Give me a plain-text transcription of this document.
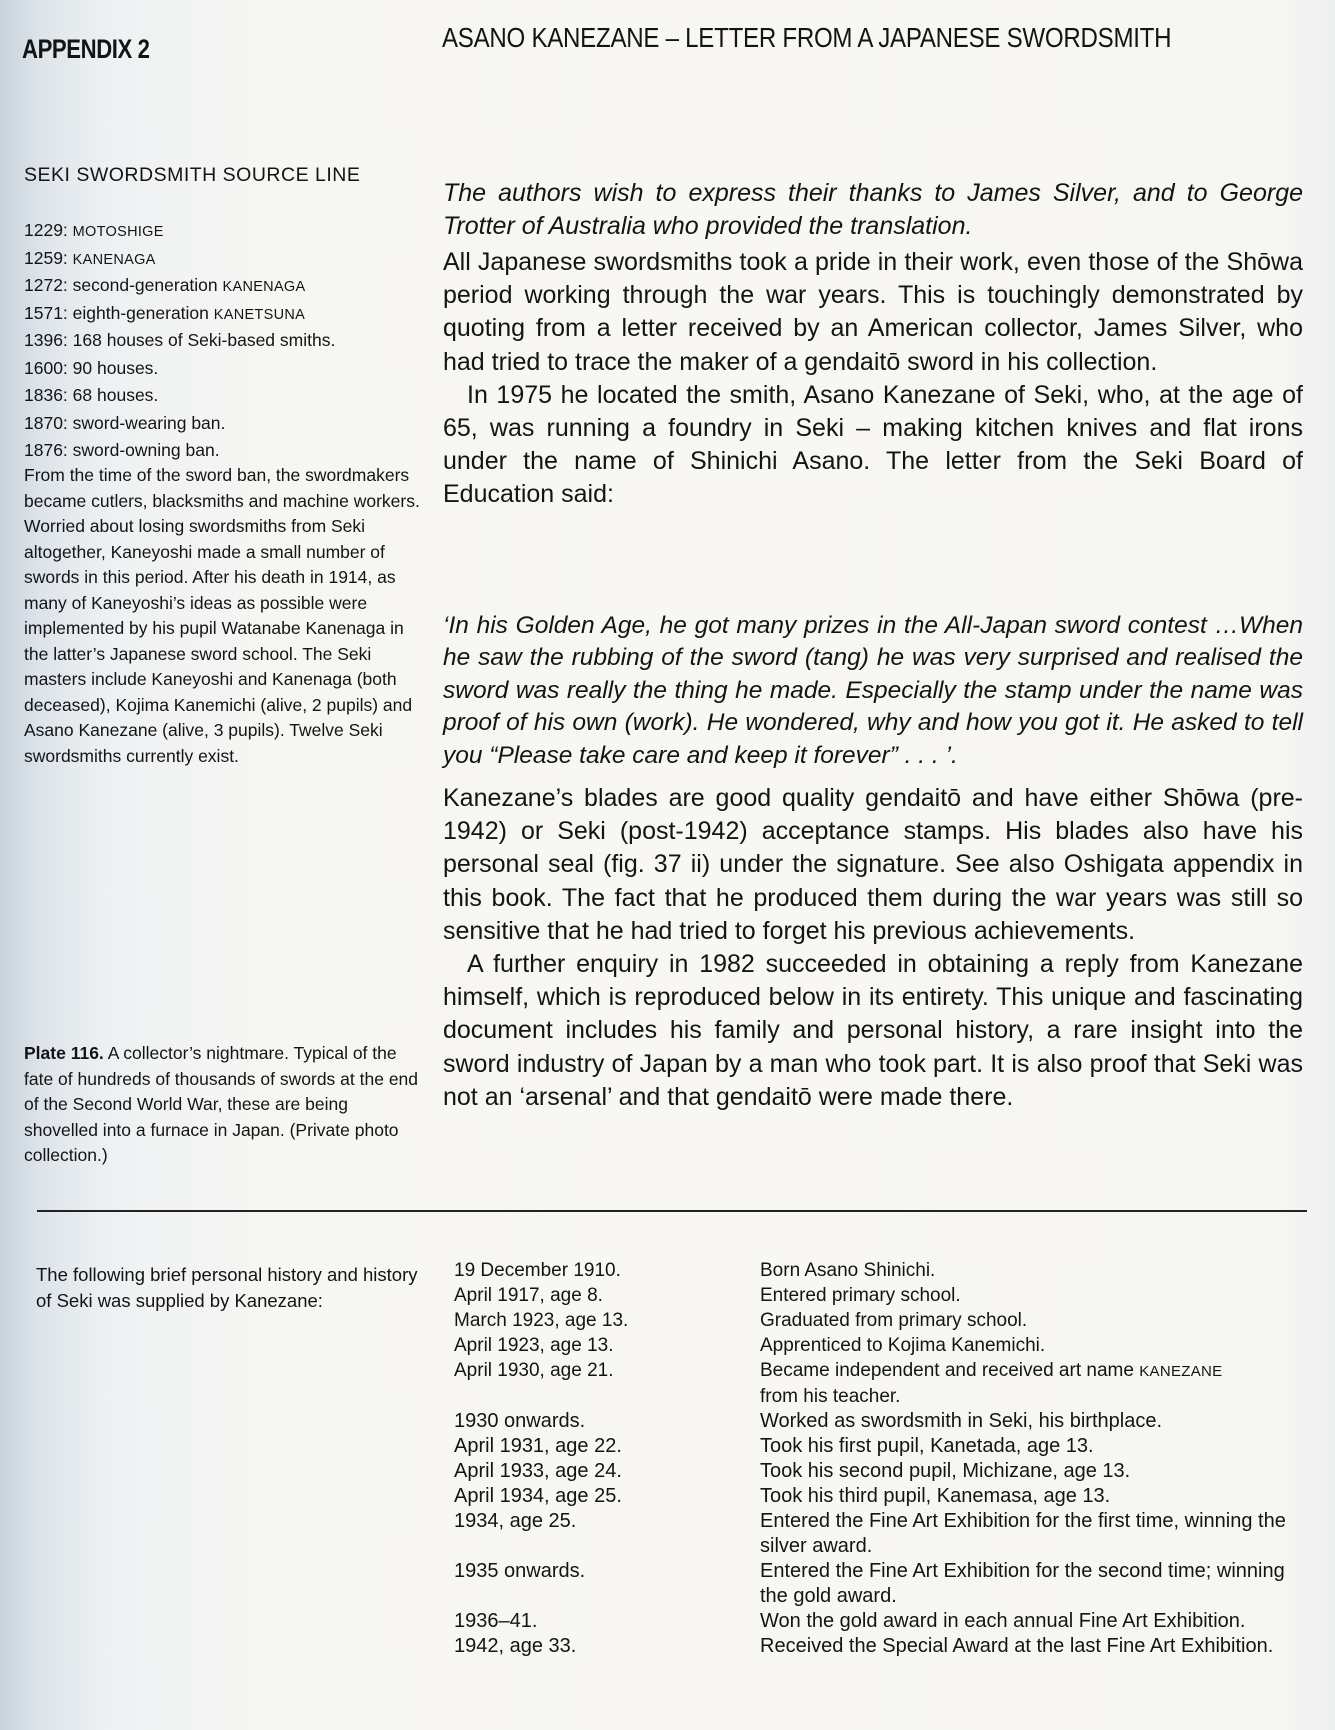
APPENDIX 2	ASANO KANEZANE – LETTER FROM A JAPANESE SWORDSMITH
SEKI SWORDSMITH SOURCE LINE
1229: MOTOSHIGE
1259: KANENAGA
1272: second-generation KANENAGA
1571: eighth-generation KANETSUNA
1396: 168 houses of Seki-based smiths.
1600: 90 houses.
1836: 68 houses.
1870: sword-wearing ban.
1876: sword-owning ban.
From the time of the sword ban, the swordmakers became cutlers, blacksmiths and machine workers. Worried about losing swordsmiths from Seki altogether, Kaneyoshi made a small number of swords in this period. After his death in 1914, as many of Kaneyoshi’s ideas as possible were implemented by his pupil Watanabe Kanenaga in the latter’s Japanese sword school. The Seki masters include Kaneyoshi and Kanenaga (both deceased), Kojima Kanemichi (alive, 2 pupils) and Asano Kanezane (alive, 3 pupils). Twelve Seki swordsmiths currently exist.
Plate 116. A collector’s nightmare. Typical of the fate of hundreds of thousands of swords at the end of the Second World War, these are being shovelled into a furnace in Japan. (Private photo collection.)

The authors wish to express their thanks to James Silver, and to George Trotter of Australia who provided the translation.

All Japanese swordsmiths took a pride in their work, even those of the Shōwa period working through the war years. This is touchingly demonstrated by quoting from a letter received by an American collector, James Silver, who had tried to trace the maker of a gendaitō sword in his collection.

In 1975 he located the smith, Asano Kanezane of Seki, who, at the age of 65, was running a foundry in Seki – making kitchen knives and flat irons under the name of Shinichi Asano. The letter from the Seki Board of Education said:

‘In his Golden Age, he got many prizes in the All-Japan sword contest …When he saw the rubbing of the sword (tang) he was very surprised and realised the sword was really the thing he made. Especially the stamp under the name was proof of his own (work). He wondered, why and how you got it. He asked to tell you “Please take care and keep it forever” . . . ’.

Kanezane’s blades are good quality gendaitō and have either Shōwa (pre-1942) or Seki (post-1942) acceptance stamps. His blades also have his personal seal (fig. 37 ii) under the signature. See also Oshigata appendix in this book. The fact that he produced them during the war years was still so sensitive that he had tried to forget his previous achievements.

A further enquiry in 1982 succeeded in obtaining a reply from Kanezane himself, which is reproduced below in its entirety. This unique and fascinating document includes his family and personal history, a rare insight into the sword industry of Japan by a man who took part. It is also proof that Seki was not an ‘arsenal’ and that gendaitō were made there.

The following brief personal history and history of Seki was supplied by Kanezane:
19 December 1910.	Born Asano Shinichi.
April 1917, age 8.	Entered primary school.
March 1923, age 13.	Graduated from primary school.
April 1923, age 13.	Apprenticed to Kojima Kanemichi.
April 1930, age 21.	Became independent and received art name KANEZANE
from his teacher.
1930 onwards.	Worked as swordsmith in Seki, his birthplace.
April 1931, age 22.	Took his first pupil, Kanetada, age 13.
April 1933, age 24.	Took his second pupil, Michizane, age 13.
April 1934, age 25.	Took his third pupil, Kanemasa, age 13.
1934, age 25.	Entered the Fine Art Exhibition for the first time, winning the silver award.
1935 onwards.	Entered the Fine Art Exhibition for the second time; winning the gold award.
1936–41.	Won the gold award in each annual Fine Art Exhibition.
1942, age 33.	Received the Special Award at the last Fine Art Exhibition.
